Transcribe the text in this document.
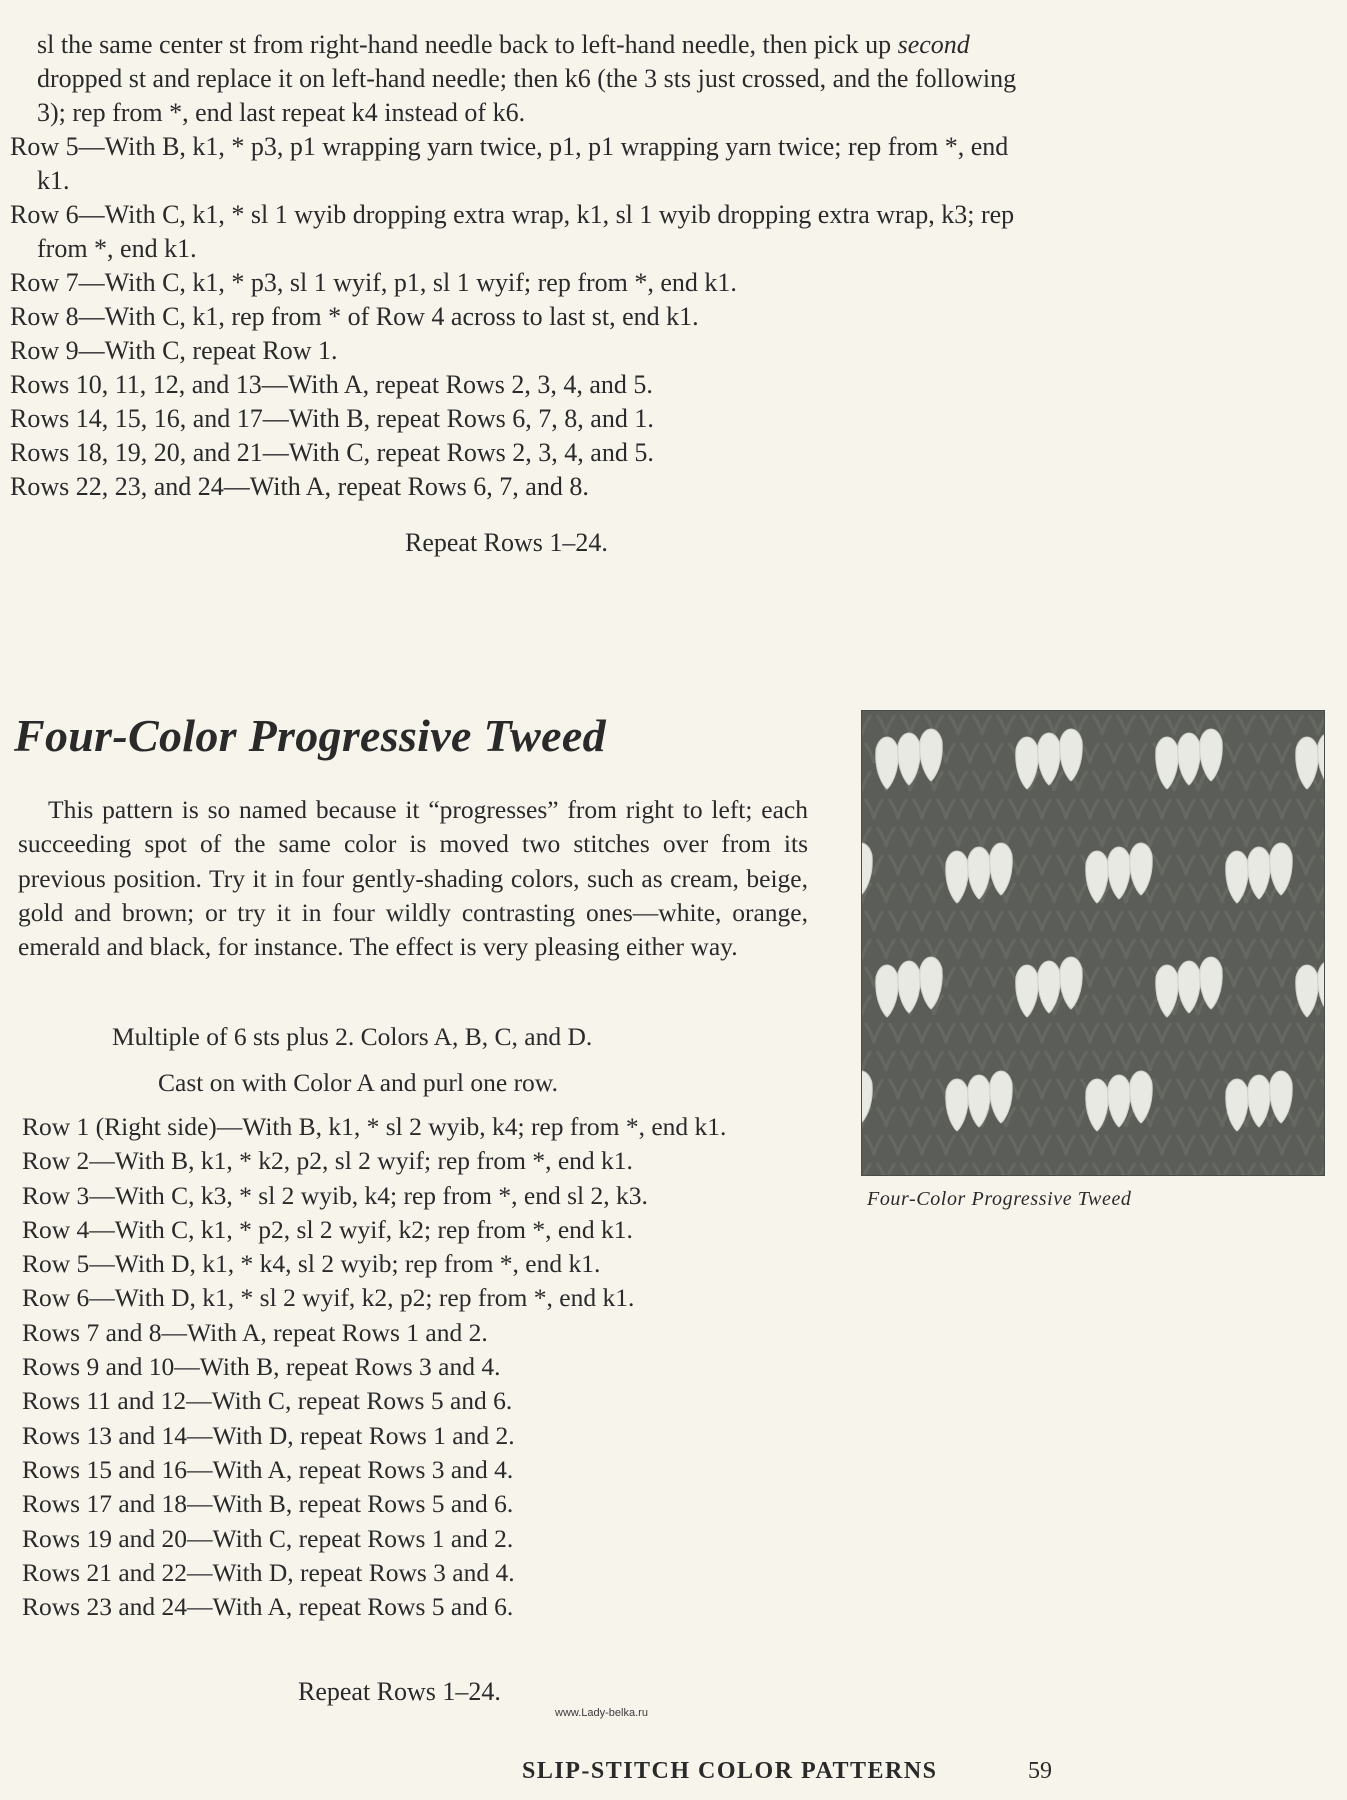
sl the same center st from right-hand needle back to left-hand needle, then pick up second dropped st and replace it on left-hand needle; then k6 (the 3 sts just crossed, and the following 3); rep from *, end last repeat k4 instead of k6.

Row 5—With B, k1, * p3, p1 wrapping yarn twice, p1, p1 wrapping yarn twice; rep from *, end k1.

Row 6—With C, k1, * sl 1 wyib dropping extra wrap, k1, sl 1 wyib dropping extra wrap, k3; rep from *, end k1.

Row 7—With C, k1, * p3, sl 1 wyif, p1, sl 1 wyif; rep from *, end k1.

Row 8—With C, k1, rep from * of Row 4 across to last st, end k1.

Row 9—With C, repeat Row 1.

Rows 10, 11, 12, and 13—With A, repeat Rows 2, 3, 4, and 5.

Rows 14, 15, 16, and 17—With B, repeat Rows 6, 7, 8, and 1.

Rows 18, 19, 20, and 21—With C, repeat Rows 2, 3, 4, and 5.

Rows 22, 23, and 24—With A, repeat Rows 6, 7, and 8.

Repeat Rows 1–24.

Four-Color Progressive Tweed

This pattern is so named because it “progresses” from right to left; each succeeding spot of the same color is moved two stitches over from its previous position. Try it in four gently-shading colors, such as cream, beige, gold and brown; or try it in four wildly contrasting ones—white, orange, emerald and black, for instance. The effect is very pleasing either way.

Multiple of 6 sts plus 2. Colors A, B, C, and D.

Cast on with Color A and purl one row.

Row 1 (Right side)—With B, k1, * sl 2 wyib, k4; rep from *, end k1.

Row 2—With B, k1, * k2, p2, sl 2 wyif; rep from *, end k1.

Row 3—With C, k3, * sl 2 wyib, k4; rep from *, end sl 2, k3.

Row 4—With C, k1, * p2, sl 2 wyif, k2; rep from *, end k1.

Row 5—With D, k1, * k4, sl 2 wyib; rep from *, end k1.

Row 6—With D, k1, * sl 2 wyif, k2, p2; rep from *, end k1.

Rows 7 and 8—With A, repeat Rows 1 and 2.

Rows 9 and 10—With B, repeat Rows 3 and 4.

Rows 11 and 12—With C, repeat Rows 5 and 6.

Rows 13 and 14—With D, repeat Rows 1 and 2.

Rows 15 and 16—With A, repeat Rows 3 and 4.

Rows 17 and 18—With B, repeat Rows 5 and 6.

Rows 19 and 20—With C, repeat Rows 1 and 2.

Rows 21 and 22—With D, repeat Rows 3 and 4.

Rows 23 and 24—With A, repeat Rows 5 and 6.

Repeat Rows 1–24.

Four-Color Progressive Tweed

www.Lady-belka.ru

SLIP-STITCH COLOR PATTERNS	59
